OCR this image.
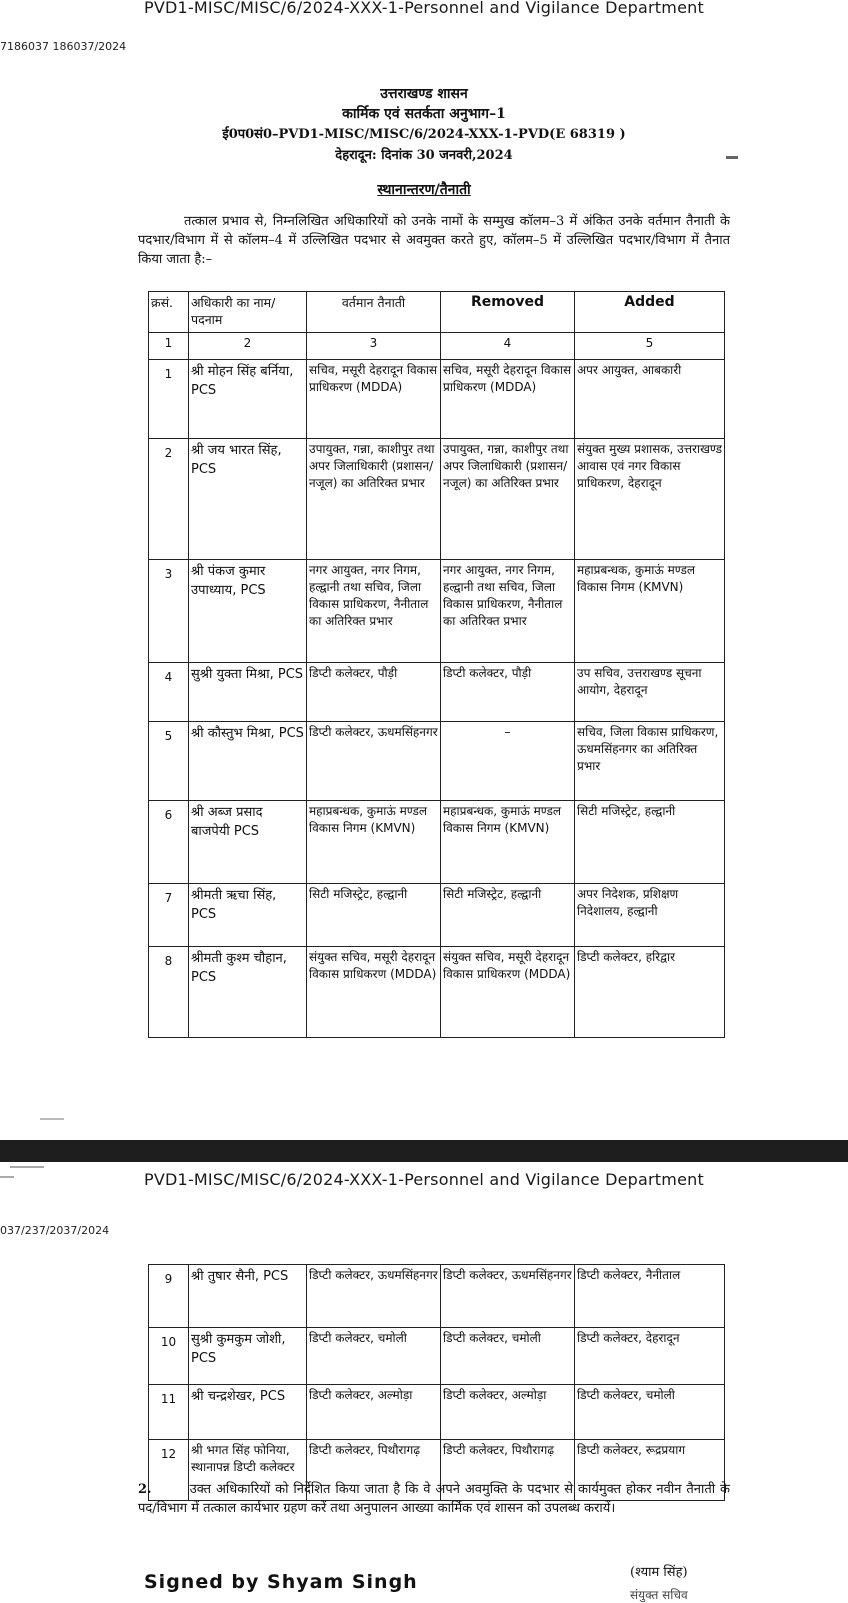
PVD1-MISC/MISC/6/2024-XXX-1-Personnel and Vigilance Department
​7186037 186037/2024
उत्तराखण्ड शासन
कार्मिक एवं सतर्कता अनुभाग–1
ई0प0सं0–PVD1-MISC/MISC/6/2024-XXX-1-PVD(E 68319 )
देहरादून: दिनांक 30 जनवरी,2024
स्थानान्तरण/तैनाती
तत्काल प्रभाव से, निम्नलिखित अधिकारियों को उनके नामों के सम्मुख कॉलम–3 में अंकित उनके वर्तमान तैनाती के पदभार/विभाग में से कॉलम–4 में उल्लिखित पदभार से अवमुक्त करते हुए, कॉलम–5 में उल्लिखित पदभार/विभाग में तैनात किया जाता है:–
क्रसं.	अधिकारी का नाम/ पदनाम	वर्तमान तैनाती	Removed	Added
1	2	3	4	5
1	श्री मोहन सिंह बर्निया, PCS	सचिव, मसूरी देहरादून विकास प्राधिकरण (MDDA)	सचिव, मसूरी देहरादून विकास प्राधिकरण (MDDA)	अपर आयुक्त, आबकारी
2	श्री जय भारत सिंह, PCS	उपायुक्त, गन्ना, काशीपुर तथा अपर जिलाधिकारी (प्रशासन/नजूल) का अतिरिक्त प्रभार	उपायुक्त, गन्ना, काशीपुर तथा अपर जिलाधिकारी (प्रशासन/नजूल) का अतिरिक्त प्रभार	संयुक्त मुख्य प्रशासक, उत्तराखण्ड आवास एवं नगर विकास प्राधिकरण, देहरादून
3	श्री पंकज कुमार उपाध्याय, PCS	नगर आयुक्त, नगर निगम, हल्द्वानी तथा सचिव, जिला विकास प्राधिकरण, नैनीताल का अतिरिक्त प्रभार	नगर आयुक्त, नगर निगम, हल्द्वानी तथा सचिव, जिला विकास प्राधिकरण, नैनीताल का अतिरिक्त प्रभार	महाप्रबन्धक, कुमाऊं मण्डल विकास निगम (KMVN)
4	सुश्री युक्ता मिश्रा, PCS	डिप्टी कलेक्टर, पौड़ी	डिप्टी कलेक्टर, पौड़ी	उप सचिव, उत्तराखण्ड सूचना आयोग, देहरादून
5	श्री कौस्तुभ मिश्रा, PCS	डिप्टी कलेक्टर, ऊधमसिंहनगर	–	सचिव, जिला विकास प्राधिकरण, ऊधमसिंहनगर का अतिरिक्त प्रभार
6	श्री अब्ज प्रसाद बाजपेयी PCS	महाप्रबन्धक, कुमाऊं मण्डल विकास निगम (KMVN)	महाप्रबन्धक, कुमाऊं मण्डल विकास निगम (KMVN)	सिटी मजिस्ट्रेट, हल्द्वानी
7	श्रीमती ऋचा सिंह, PCS	सिटी मजिस्ट्रेट, हल्द्वानी	सिटी मजिस्ट्रेट, हल्द्वानी	अपर निदेशक, प्रशिक्षण निदेशालय, हल्द्वानी
8	श्रीमती कुश्म चौहान, PCS	संयुक्त सचिव, मसूरी देहरादून विकास प्राधिकरण (MDDA)	संयुक्त सचिव, मसूरी देहरादून विकास प्राधिकरण (MDDA)	डिप्टी कलेक्टर, हरिद्वार
PVD1-MISC/MISC/6/2024-XXX-1-Personnel and Vigilance Department
037/237/2037/2024
9	श्री तुषार सैनी, PCS	डिप्टी कलेक्टर, ऊधमसिंहनगर	डिप्टी कलेक्टर, ऊधमसिंहनगर	डिप्टी कलेक्टर, नैनीताल
10	सुश्री कुमकुम जोशी, PCS	डिप्टी कलेक्टर, चमोली	डिप्टी कलेक्टर, चमोली	डिप्टी कलेक्टर, देहरादून
11	श्री चन्द्रशेखर, PCS	डिप्टी कलेक्टर, अल्मोड़ा	डिप्टी कलेक्टर, अल्मोड़ा	डिप्टी कलेक्टर, चमोली
12	श्री भगत सिंह फोनिया, स्थानापन्न डिप्टी कलेक्टर	डिप्टी कलेक्टर, पिथौरागढ़	डिप्टी कलेक्टर, पिथौरागढ़	डिप्टी कलेक्टर, रूद्रप्रयाग
2.	उक्त अधिकारियों को निर्देशित किया जाता है कि वे अपने अवमुक्ति के पदभार से कार्यमुक्त होकर नवीन तैनाती के पद/विभाग में तत्काल कार्यभार ग्रहण करें तथा अनुपालन आख्या कार्मिक एवं शासन को उपलब्ध करायें।
Signed by Shyam Singh	(श्याम सिंह)
संयुक्त सचिव
